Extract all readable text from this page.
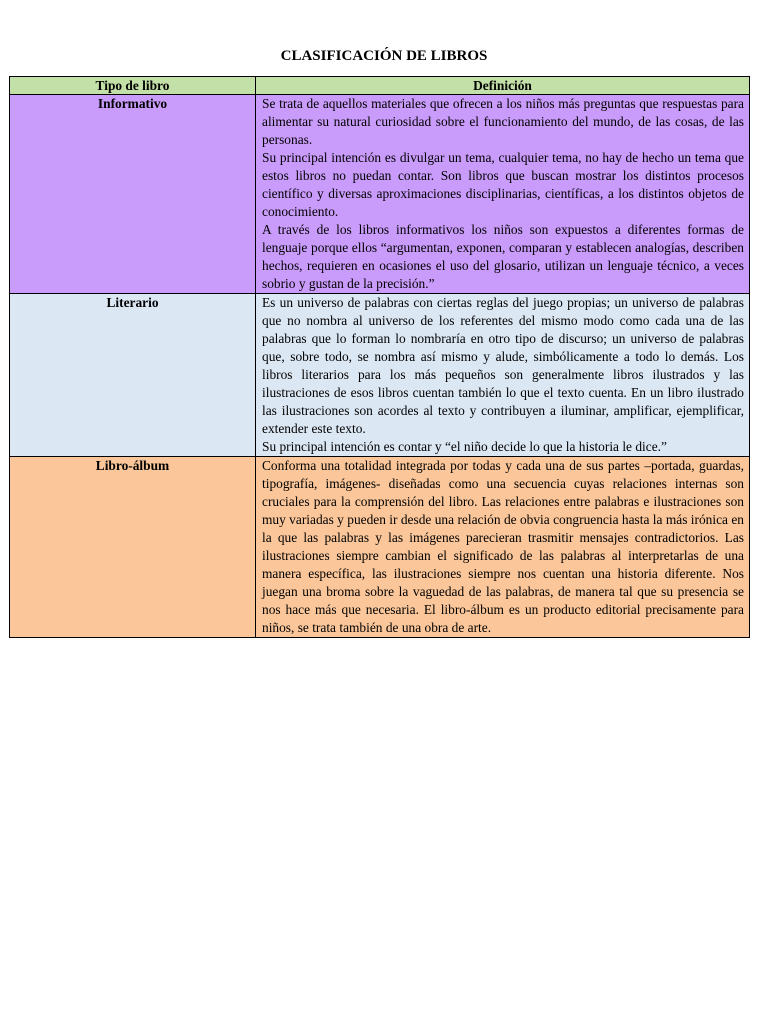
CLASIFICACIÓN DE LIBROS
Tipo de libro	Definición
Informativo	Se trata de aquellos materiales que ofrecen a los niños más preguntas que respuestas para alimentar su natural curiosidad sobre el funcionamiento del mundo, de las cosas, de las personas.

Su principal intención es divulgar un tema, cualquier tema, no hay de hecho un tema que estos libros no puedan contar. Son libros que buscan mostrar los distintos procesos científico y diversas aproximaciones disciplinarias, científicas, a los distintos objetos de conocimiento.

A través de los libros informativos los niños son expuestos a diferentes formas de lenguaje porque ellos “argumentan, exponen, comparan y establecen analogías, describen hechos, requieren en ocasiones el uso del glosario, utilizan un lenguaje técnico, a veces sobrio y gustan de la precisión.”

Literario	Es un universo de palabras con ciertas reglas del juego propias; un universo de palabras que no nombra al universo de los referentes del mismo modo como cada una de las palabras que lo forman lo nombraría en otro tipo de discurso; un universo de palabras que, sobre todo, se nombra así mismo y alude, simbólicamente a todo lo demás. Los libros literarios para los más pequeños son generalmente libros ilustrados y las ilustraciones de esos libros cuentan también lo que el texto cuenta. En un libro ilustrado las ilustraciones son acordes al texto y contribuyen a iluminar, amplificar, ejemplificar, extender este texto.

Su principal intención es contar y “el niño decide lo que la historia le dice.”

Libro-álbum	Conforma una totalidad integrada por todas y cada una de sus partes –portada, guardas, tipografía, imágenes- diseñadas como una secuencia cuyas relaciones internas son cruciales para la comprensión del libro. Las relaciones entre palabras e ilustraciones son muy variadas y pueden ir desde una relación de obvia congruencia hasta la más irónica en la que las palabras y las imágenes parecieran trasmitir mensajes contradictorios. Las ilustraciones siempre cambian el significado de las palabras al interpretarlas de una manera específica, las ilustraciones siempre nos cuentan una historia diferente. Nos juegan una broma sobre la vaguedad de las palabras, de manera tal que su presencia se nos hace más que necesaria. El libro-álbum es un producto editorial precisamente para niños, se trata también de una obra de arte.
